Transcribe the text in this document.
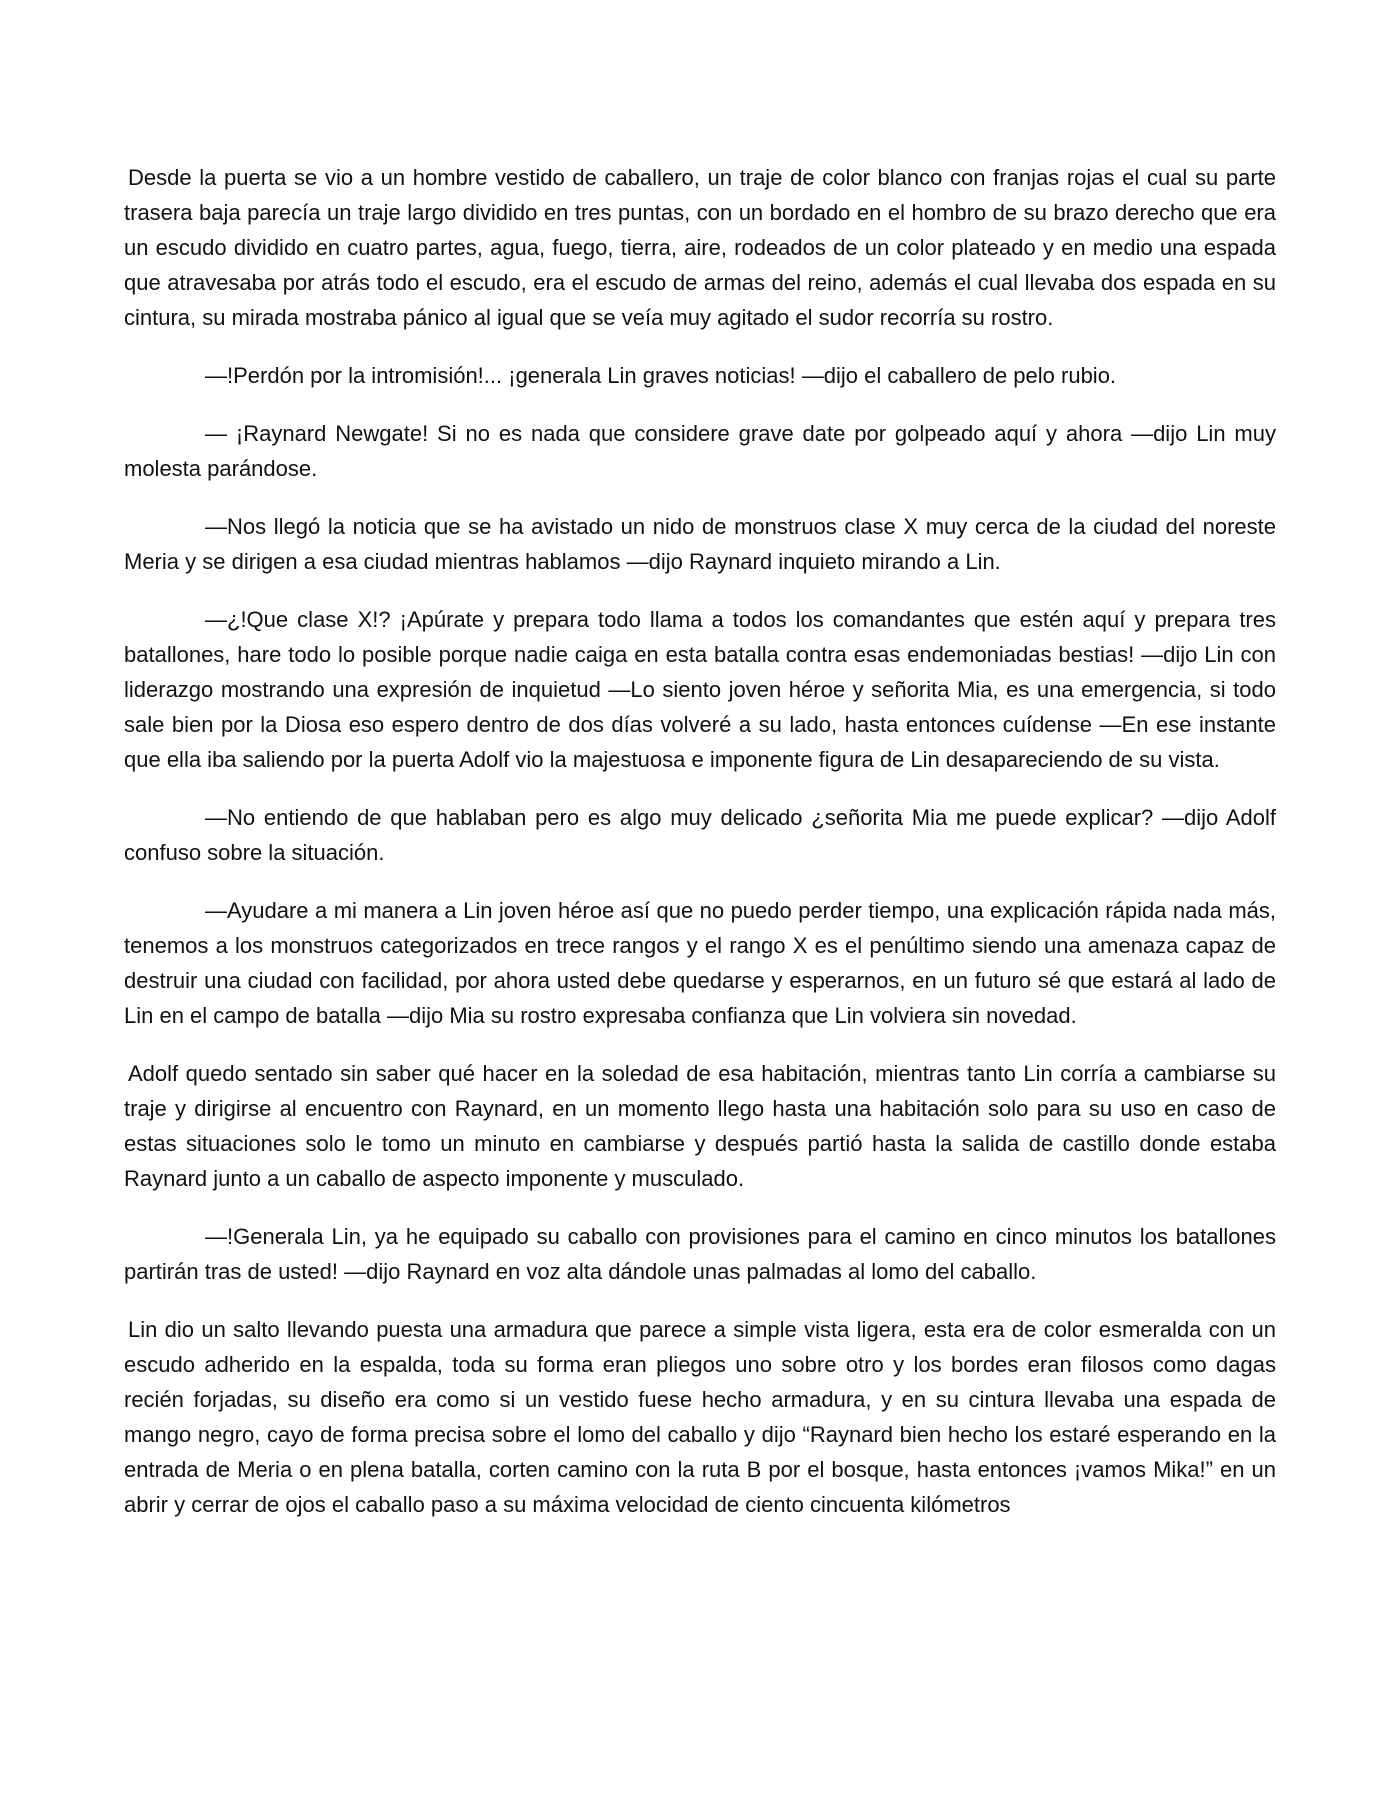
Desde la puerta se vio a un hombre vestido de caballero, un traje de color blanco con franjas rojas el cual su parte trasera baja parecía un traje largo dividido en tres puntas, con un bordado en el hombro de su brazo derecho que era un escudo dividido en cuatro partes, agua, fuego, tierra, aire, rodeados de un color plateado y en medio una espada que atravesaba por atrás todo el escudo, era el escudo de armas del reino, además el cual llevaba dos espada en su cintura, su mirada mostraba pánico al igual que se veía muy agitado el sudor recorría su rostro.

—!Perdón por la intromisión!... ¡generala Lin graves noticias! —dijo el caballero de pelo rubio.

— ¡Raynard Newgate! Si no es nada que considere grave date por golpeado aquí y ahora —dijo Lin muy molesta parándose.

—Nos llegó la noticia que se ha avistado un nido de monstruos clase X muy cerca de la ciudad del noreste Meria y se dirigen a esa ciudad mientras hablamos —dijo Raynard inquieto mirando a Lin.

—¿!Que clase X!? ¡Apúrate y prepara todo llama a todos los comandantes que estén aquí y prepara tres batallones, hare todo lo posible porque nadie caiga en esta batalla contra esas endemoniadas bestias! —dijo Lin con liderazgo mostrando una expresión de inquietud —Lo siento joven héroe y señorita Mia, es una emergencia, si todo sale bien por la Diosa eso espero dentro de dos días volveré a su lado, hasta entonces cuídense —En ese instante que ella iba saliendo por la puerta Adolf vio la majestuosa e imponente figura de Lin desapareciendo de su vista.

—No entiendo de que hablaban pero es algo muy delicado ¿señorita Mia me puede explicar? —dijo Adolf confuso sobre la situación.

—Ayudare a mi manera a Lin joven héroe así que no puedo perder tiempo, una explicación rápida nada más, tenemos a los monstruos categorizados en trece rangos y el rango X es el penúltimo siendo una amenaza capaz de destruir una ciudad con facilidad, por ahora usted debe quedarse y esperarnos, en un futuro sé que estará al lado de Lin en el campo de batalla —dijo Mia su rostro expresaba confianza que Lin volviera sin novedad.

Adolf quedo sentado sin saber qué hacer en la soledad de esa habitación, mientras tanto Lin corría a cambiarse su traje y dirigirse al encuentro con Raynard, en un momento llego hasta una habitación solo para su uso en caso de estas situaciones solo le tomo un minuto en cambiarse y después partió hasta la salida de castillo donde estaba Raynard junto a un caballo de aspecto imponente y musculado.

—!Generala Lin, ya he equipado su caballo con provisiones para el camino en cinco minutos los batallones partirán tras de usted! —dijo Raynard en voz alta dándole unas palmadas al lomo del caballo.

Lin dio un salto llevando puesta una armadura que parece a simple vista ligera, esta era de color esmeralda con un escudo adherido en la espalda, toda su forma eran pliegos uno sobre otro y los bordes eran filosos como dagas recién forjadas, su diseño era como si un vestido fuese hecho armadura, y en su cintura llevaba una espada de mango negro, cayo de forma precisa sobre el lomo del caballo y dijo “Raynard bien hecho los estaré esperando en la entrada de Meria o en plena batalla, corten camino con la ruta B por el bosque, hasta entonces ¡vamos Mika!” en un abrir y cerrar de ojos el caballo paso a su máxima velocidad de ciento cincuenta kilómetros
